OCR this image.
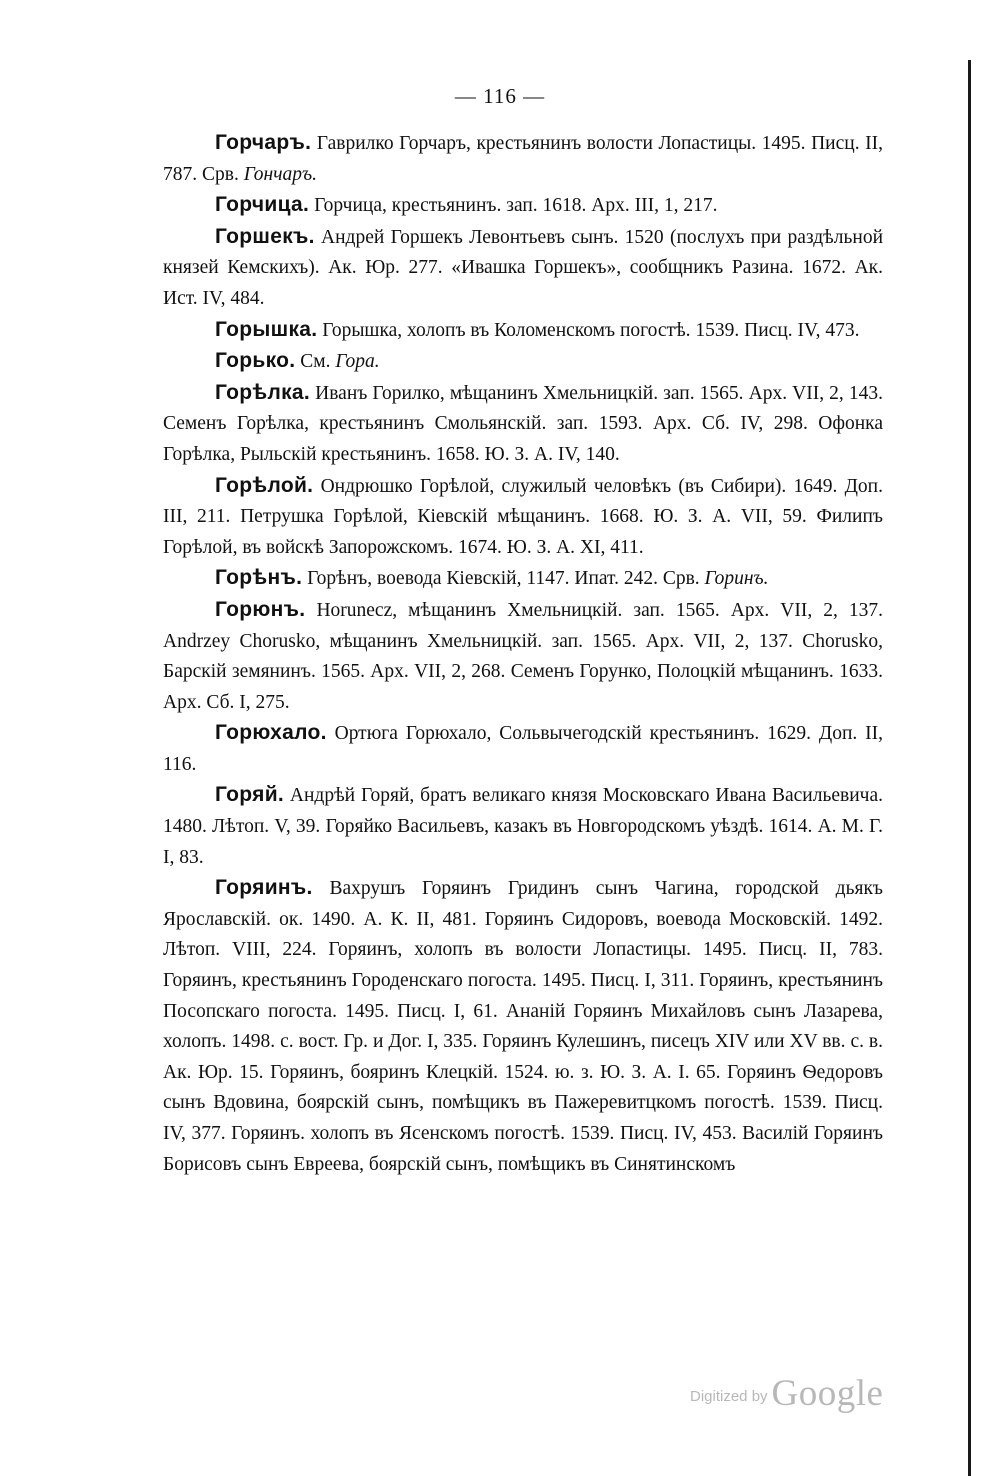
— 116 —

Горчаръ. Гаврилко Горчаръ, крестьянинъ волости Лопастицы. 1495. Писц. II, 787. Срв. Гончаръ.

Горчица. Горчица, крестьянинъ. зап. 1618. Арх. III, 1, 217.

Горшекъ. Андрей Горшекъ Левонтьевъ сынъ. 1520 (послухъ при раздѣльной князей Кемскихъ). Ак. Юр. 277. «Ивашка Горшекъ», сообщникъ Разина. 1672. Ак. Ист. IV, 484.

Горышка. Горышка, холопъ въ Коломенскомъ погостѣ. 1539. Писц. IV, 473.

Горько. См. Гора.

Горѣлка. Иванъ Горилко, мѣщанинъ Хмельницкій. зап. 1565. Арх. VII, 2, 143. Семенъ Горѣлка, крестьянинъ Смольянскій. зап. 1593. Арх. Сб. IV, 298. Офонка Горѣлка, Рыльскій крестьянинъ. 1658. Ю. З. А. IV, 140.

Горѣлой. Ондрюшко Горѣлой, служилый человѣкъ (въ Сибири). 1649. Доп. III, 211. Петрушка Горѣлой, Кіевскій мѣщанинъ. 1668. Ю. З. А. VII, 59. Филипъ Горѣлой, въ войскѣ Запорожскомъ. 1674. Ю. З. А. XI, 411.

Горѣнъ. Горѣнъ, воевода Кіевскій, 1147. Ипат. 242. Срв. Горинъ.

Горюнъ. Horunecz, мѣщанинъ Хмельницкій. зап. 1565. Арх. VII, 2, 137. Andrzey Chorusko, мѣщанинъ Хмельницкій. зап. 1565. Арх. VII, 2, 137. Chorusko, Барскій земянинъ. 1565. Арх. VII, 2, 268. Семенъ Горунко, Полоцкій мѣщанинъ. 1633. Арх. Сб. I, 275.

Горюхало. Ортюга Горюхало, Сольвычегодскій крестьянинъ. 1629. Доп. II, 116.

Горяй. Андрѣй Горяй, братъ великаго князя Московскаго Ивана Васильевича. 1480. Лѣтоп. V, 39. Горяйко Васильевъ, казакъ въ Новгородскомъ уѣздѣ. 1614. А. М. Г. I, 83.

Горяинъ. Вахрушъ Горяинъ Гридинъ сынъ Чагина, городской дьякъ Ярославскій. ок. 1490. А. К. II, 481. Горяинъ Сидоровъ, воевода Московскій. 1492. Лѣтоп. VIII, 224. Горяинъ, холопъ въ волости Лопастицы. 1495. Писц. II, 783. Горяинъ, крестьянинъ Городенскаго погоста. 1495. Писц. I, 311. Горяинъ, крестьянинъ Посопскаго погоста. 1495. Писц. I, 61. Ананій Горяинъ Михайловъ сынъ Лазарева, холопъ. 1498. с. вост. Гр. и Дог. I, 335. Горяинъ Кулешинъ, писецъ XIV или XV вв. с. в. Ак. Юр. 15. Горяинъ, бояринъ Клецкій. 1524. ю. з. Ю. З. А. I. 65. Горяинъ Ѳедоровъ сынъ Вдовина, боярскій сынъ, помѣщикъ въ Пажеревитцкомъ погостѣ. 1539. Писц. IV, 377. Горяинъ. холопъ въ Ясенскомъ погостѣ. 1539. Писц. IV, 453. Василій Горяинъ Борисовъ сынъ Евреева, боярскій сынъ, помѣщикъ въ Синятинскомъ

Digitized by Google
